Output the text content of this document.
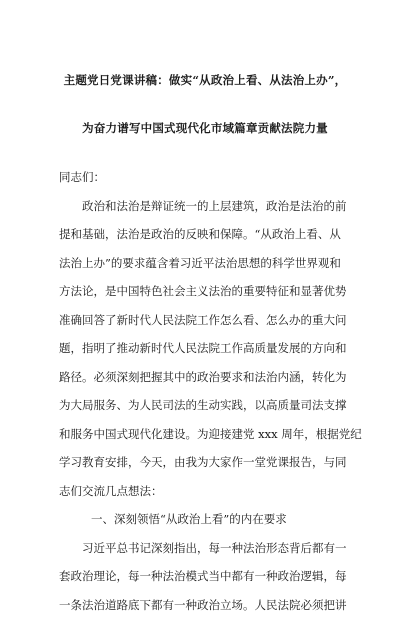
主题党日党课讲稿：做实“从政治上看、从法治上办”，
为奋力谱写中国式现代化市域篇章贡献法院力量
同志们：
政治和法治是辩证统一的上层建筑，政治是法治的前
提和基础，法治是政治的反映和保障。“从政治上看、从
法治上办”的要求蕴含着习近平法治思想的科学世界观和
方法论，是中国特色社会主义法治的重要特征和显著优势
准确回答了新时代人民法院工作怎么看、怎么办的重大问
题，指明了推动新时代人民法院工作高质量发展的方向和
路径。必须深刻把握其中的政治要求和法治内涵，转化为
为大局服务、为人民司法的生动实践，以高质量司法支撑
和服务中国式现代化建设。为迎接建党 xxx 周年，根据党纪
学习教育安排，今天，由我为大家作一堂党课报告，与同
志们交流几点想法：
一、深刻领悟“从政治上看”的内在要求
习近平总书记深刻指出，每一种法治形态背后都有一
套政治理论，每一种法治模式当中都有一种政治逻辑，每
一条法治道路底下都有一种政治立场。人民法院必须把讲
